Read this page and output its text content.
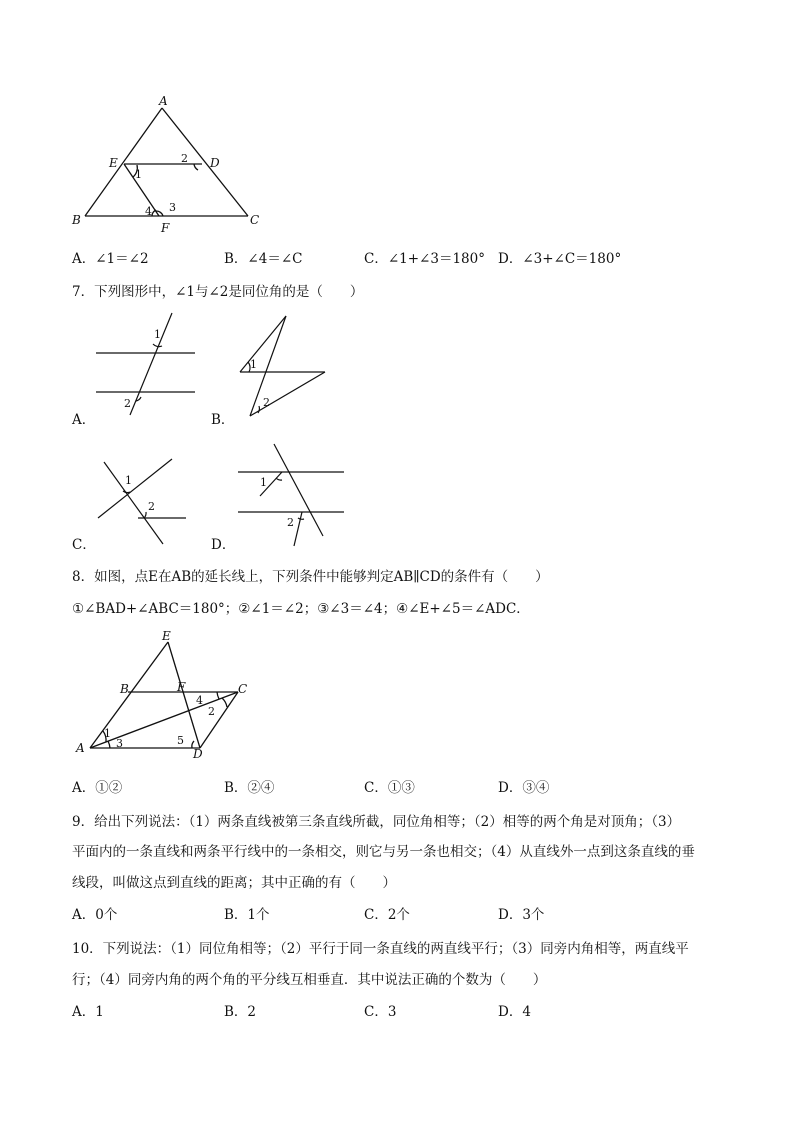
A
E	D
B	C
F
1
2
3
4
A．∠1＝∠2	B．∠4＝∠C	C．∠1+∠3＝180° D．∠3+∠C＝180°
7．下列图形中，∠1与∠2是同位角的是（　　）
1
2
A．
1
2
B．
1
2
C．
1
2
D．
8．如图，点E在AB的延长线上，下列条件中能够判定AB∥CD的条件有（　　）
①∠BAD+∠ABC＝180°；②∠1＝∠2；③∠3＝∠4；④∠E+∠5＝∠ADC．
E
B	F	C
A	D
1
2
3
4
5
A．①②	B．②④	C．①③	D．③④
9．给出下列说法：（1）两条直线被第三条直线所截，同位角相等；（2）相等的两个角是对顶角；（3）
平面内的一条直线和两条平行线中的一条相交，则它与另一条也相交；（4）从直线外一点到这条直线的垂
线段，叫做这点到直线的距离；其中正确的有（　　）
A．0个	B．1个	C．2个	D．3个
10．下列说法：（1）同位角相等；（2）平行于同一条直线的两直线平行；（3）同旁内角相等，两直线平
行；（4）同旁内角的两个角的平分线互相垂直．其中说法正确的个数为（　　）
A．1	B．2	C．3	D．4
